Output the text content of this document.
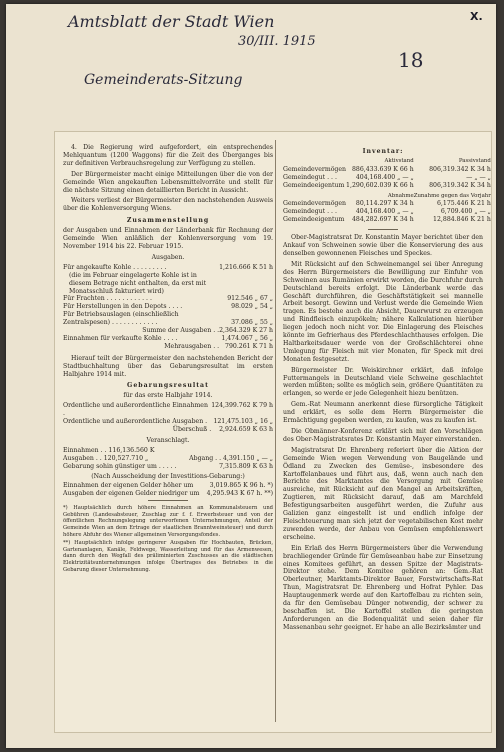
Amtsblatt der Stadt Wien	X.
30/III. 1915
Gemeinderats-Sitzung
18

4. Die Regierung wird aufgefordert, ein entsprechendes Mehlquantum (1200 Waggons) für die Zeit des Überganges bis zur definitiven Verbrauchsregelung zur Verfügung zu stellen.

Der Bürgermeister macht einige Mitteilungen über die von der Gemeinde Wien angekauften Lebensmittelvorräte und stellt für die nächste Sitzung einen detaillierten Bericht in Aussicht.

Weiters verliest der Bürgermeister den nachstehenden Ausweis über die Kohlenversorgung Wiens.

Zusammenstellung

der Ausgaben und Einnahmen der Länderbank für Rechnung der Gemeinde Wien anläßlich der Kohlenversorgung vom 19. November 1914 bis 22. Februar 1915.

Ausgaben.
Für angekaufte Kohle . . . . . . . . .	1,216.666 K 51 h
(die im Februar eingelagerte Kohle ist in diesem Betrage nicht enthalten, da erst mit Monatsschluß fakturiert wird)	
Für Frachten . . . . . . . . . . . .	912.546 „ 67 „
Für Herstellungen in den Depots . . . .	98.029 „ 54 „
Für Betriebsauslagen (einschließlich Zentralspesen) . . . . . . . . . . . .	37.086 „ 55 „
Summe der Ausgaben . .	2,364.329 K 27 h
Einnahmen für verkaufte Kohle . . . .	1,474.067 „ 56 „
Mehrausgaben . .	790.261 K 71 h

Hierauf teilt der Bürgermeister den nachstehenden Bericht der Stadtbuchhaltung über das Gebarungsresultat im ersten Halbjahre 1914 mit.

Gebarungsresultat
für das erste Halbjahr 1914.
Ordentliche und außerordentliche Einnahmen .	124,399.762 K 79 h
Ordentliche und außerordentliche Ausgaben .	121,475.103 „ 16 „
Überschuß .	2,924.659 K 63 h
Veranschlagt.
Einnahmen . . 116,136.560 K	
Ausgaben . . 120,527.710 „	Abgang . . 4,391.150 „ — „
Gebarung sohin günstiger um . . . . .	7,315.809 K 63 h
(Nach Ausscheidung der Investitions-Gebarung:)
Einnahmen der eigenen Gelder höher um	3,019.865 K 96 h. *)
Ausgaben der eigenen Gelder niedriger um	4,295.943 K 67 h. **)
*) Hauptsächlich durch höhere Einnahmen an Kommunalsteuern und Gebühren (Landesabsteuer, Zuschlag zur f. f. Erwerbsteuer und von der öffentlichen Rechnungslegung unterworfenen Unternehmungen, Anteil der Gemeinde Wien an dem Ertrage der staatlichen Branntweinsteuer) und durch höhere Abfuhr des Wiener allgemeinen Versorgungsfondes.
**) Hauptsächlich infolge geringerer Ausgaben für Hochbauten, Brücken, Gartenanlagen, Kanäle, Feldwege, Wasserleitung und für das Armenwesen, dann durch den Wegfall des präliminierten Zuschusses an die städtischen Elektrizitätsunternehmungen infolge Übertrages des Betriebes in die Gebarung dieser Unternehmung.
Inventar:
	Aktivstand	Passivstand
Gemeindevermögen	886,433.639 K 66 h	806,319.342 K 34 h
Gemeindegut . . .	404,168.400 „ — „	— „ — „
Gemeindeeigentum	1,290,602.039 K 66 h	806,319.342 K 34 h
	Abnahme	Zunahme gegen das Vorjahr
Gemeindevermögen	80,114.297 K 34 h	6,175.446 K 21 h
Gemeindegut . . .	404,168.400 „ — „	6,709.400 „ — „
Gemeindeeigentum	484,282.697 K 34 h	12,884.846 K 21 h

Ober-Magistratsrat Dr. Konstantin Mayer berichtet über den Ankauf von Schweinen sowie über die Konservierung des aus denselben gewonnenen Fleisches und Speckes.

Mit Rücksicht auf den Schweinemangel sei über Anregung des Herrn Bürgermeisters die Bewilligung zur Einfuhr von Schweinen aus Rumänien erwirkt worden, die Durchfuhr durch Deutschland bereits erfolgt. Die Länderbank werde das Geschäft durchführen, die Geschäftstätigkeit sei mannelle Arbeit besorgt. Gewinn und Verlust werde die Gemeinde Wien tragen. Es bestehe auch die Absicht, Dauerwurst zu erzeugen und Rindfleisch einzupökeln; nähere Kalkulationen hierüber liegen jedoch noch nicht vor. Die Einlagerung des Fleisches könnte im Gefrierhaus des Pferdeschlachthauses erfolgen. Die Haltbarkeitsdauer werde von der Großschlächterei ohne Umlegung für Fleisch mit vier Monaten, für Speck mit drei Monaten festgesetzt.

Bürgermeister Dr. Weiskirchner erklärt, daß infolge Futtermangels in Deutschland viele Schweine geschlachtet werden müßten; sollte es möglich sein, größere Quantitäten zu erlangen, so werde er jede Gelegenheit hiezu benützen.

Gem.-Rat Neumann anerkennt diese fürsorgliche Tätigkeit und erklärt, es solle dem Herrn Bürgermeister die Ermächtigung gegeben werden, zu kaufen, was zu kaufen ist.

Die Obmänner-Konferenz erklärt sich mit den Vorschlägen des Ober-Magistratsrates Dr. Konstantin Mayer einverstanden.

Magistratsrat Dr. Ehrenberg referiert über die Aktion der Gemeinde Wien wegen Verwendung von Baugelände und Ödland zu Zwecken des Gemüse-, insbesondere des Kartoffelanbaues und führt aus, daß, wenn auch nach den Berichte des Marktamtes die Versorgung mit Gemüse ausreiche, mit Rücksicht auf den Mangel an Arbeitskräften, Zugtieren, mit Rücksicht darauf, daß am Marchfeld Befestigungsarbeiten ausgeführt werden, die Zufuhr aus Galizien ganz eingestellt ist und endlich infolge der Fleischteuerung man sich jetzt der vegetabilischen Kost mehr zuwenden werde, der Anbau von Gemüsen empfehlenswert erscheine.

Ein Erlaß des Herrn Bürgermeisters über die Verwendung brachliegender Gründe für Gemüseanbau habe zur Einsetzung eines Komitees geführt, an dessen Spitze der Magistrats-Direktor stehe. Dem Komitee gehören an: Gem.-Rat Oberleutner, Marktamts-Direktor Bauer, Forstwirtschafts-Rat Thun, Magistratsrat Dr. Ehrenberg und Hofrat Pyhler. Das Hauptaugenmerk werde auf den Kartoffelbau zu richten sein, da für den Gemüsebau Dünger notwendig, der schwer zu beschaffen ist. Die Kartoffel stellen die geringsten Anforderungen an die Bodenqualität und seien daher für Massenanbau sehr geeignet. Er habe an alle Bezirksämter und
